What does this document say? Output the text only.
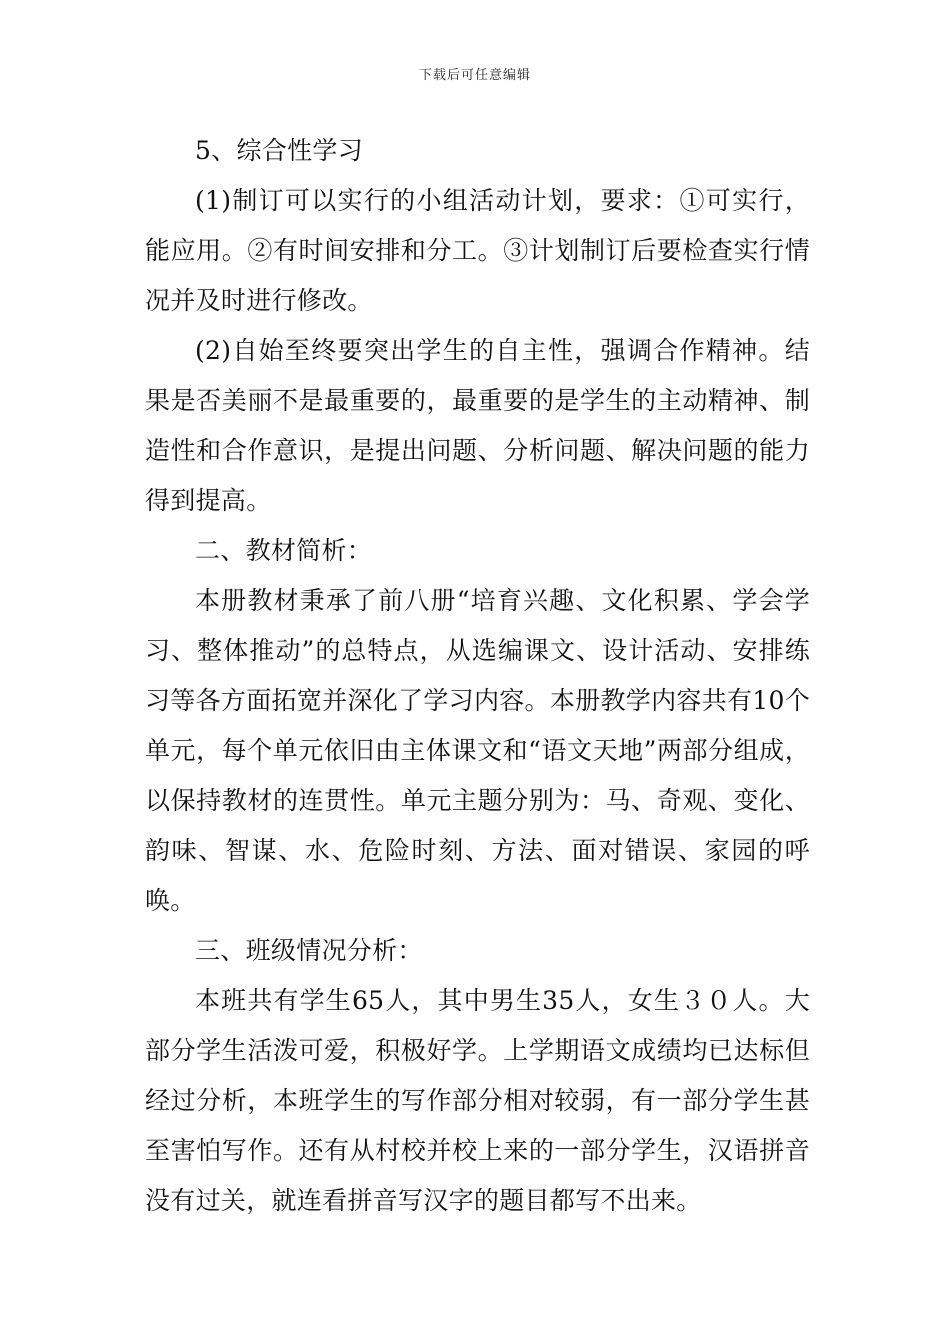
下载后可任意编辑

5、综合性学习

(1)制订可以实行的小组活动计划，要求：①可实行，能应用。②有时间安排和分工。③计划制订后要检查实行情况并及时进行修改。

(2)自始至终要突出学生的自主性，强调合作精神。结果是否美丽不是最重要的，最重要的是学生的主动精神、制造性和合作意识，是提出问题、分析问题、解决问题的能力得到提高。

二、教材简析：

本册教材秉承了前八册“培育兴趣、文化积累、学会学习、整体推动”的总特点，从选编课文、设计活动、安排练习等各方面拓宽并深化了学习内容。本册教学内容共有10个单元，每个单元依旧由主体课文和“语文天地”两部分组成，以保持教材的连贯性。单元主题分别为：马、奇观、变化、韵味、智谋、水、危险时刻、方法、面对错误、家园的呼唤。

三、班级情况分析：

本班共有学生65人，其中男生35人，女生３０人。大部分学生活泼可爱，积极好学。上学期语文成绩均已达标但经过分析，本班学生的写作部分相对较弱，有一部分学生甚至害怕写作。还有从村校并校上来的一部分学生，汉语拼音没有过关，就连看拼音写汉字的题目都写不出来。
